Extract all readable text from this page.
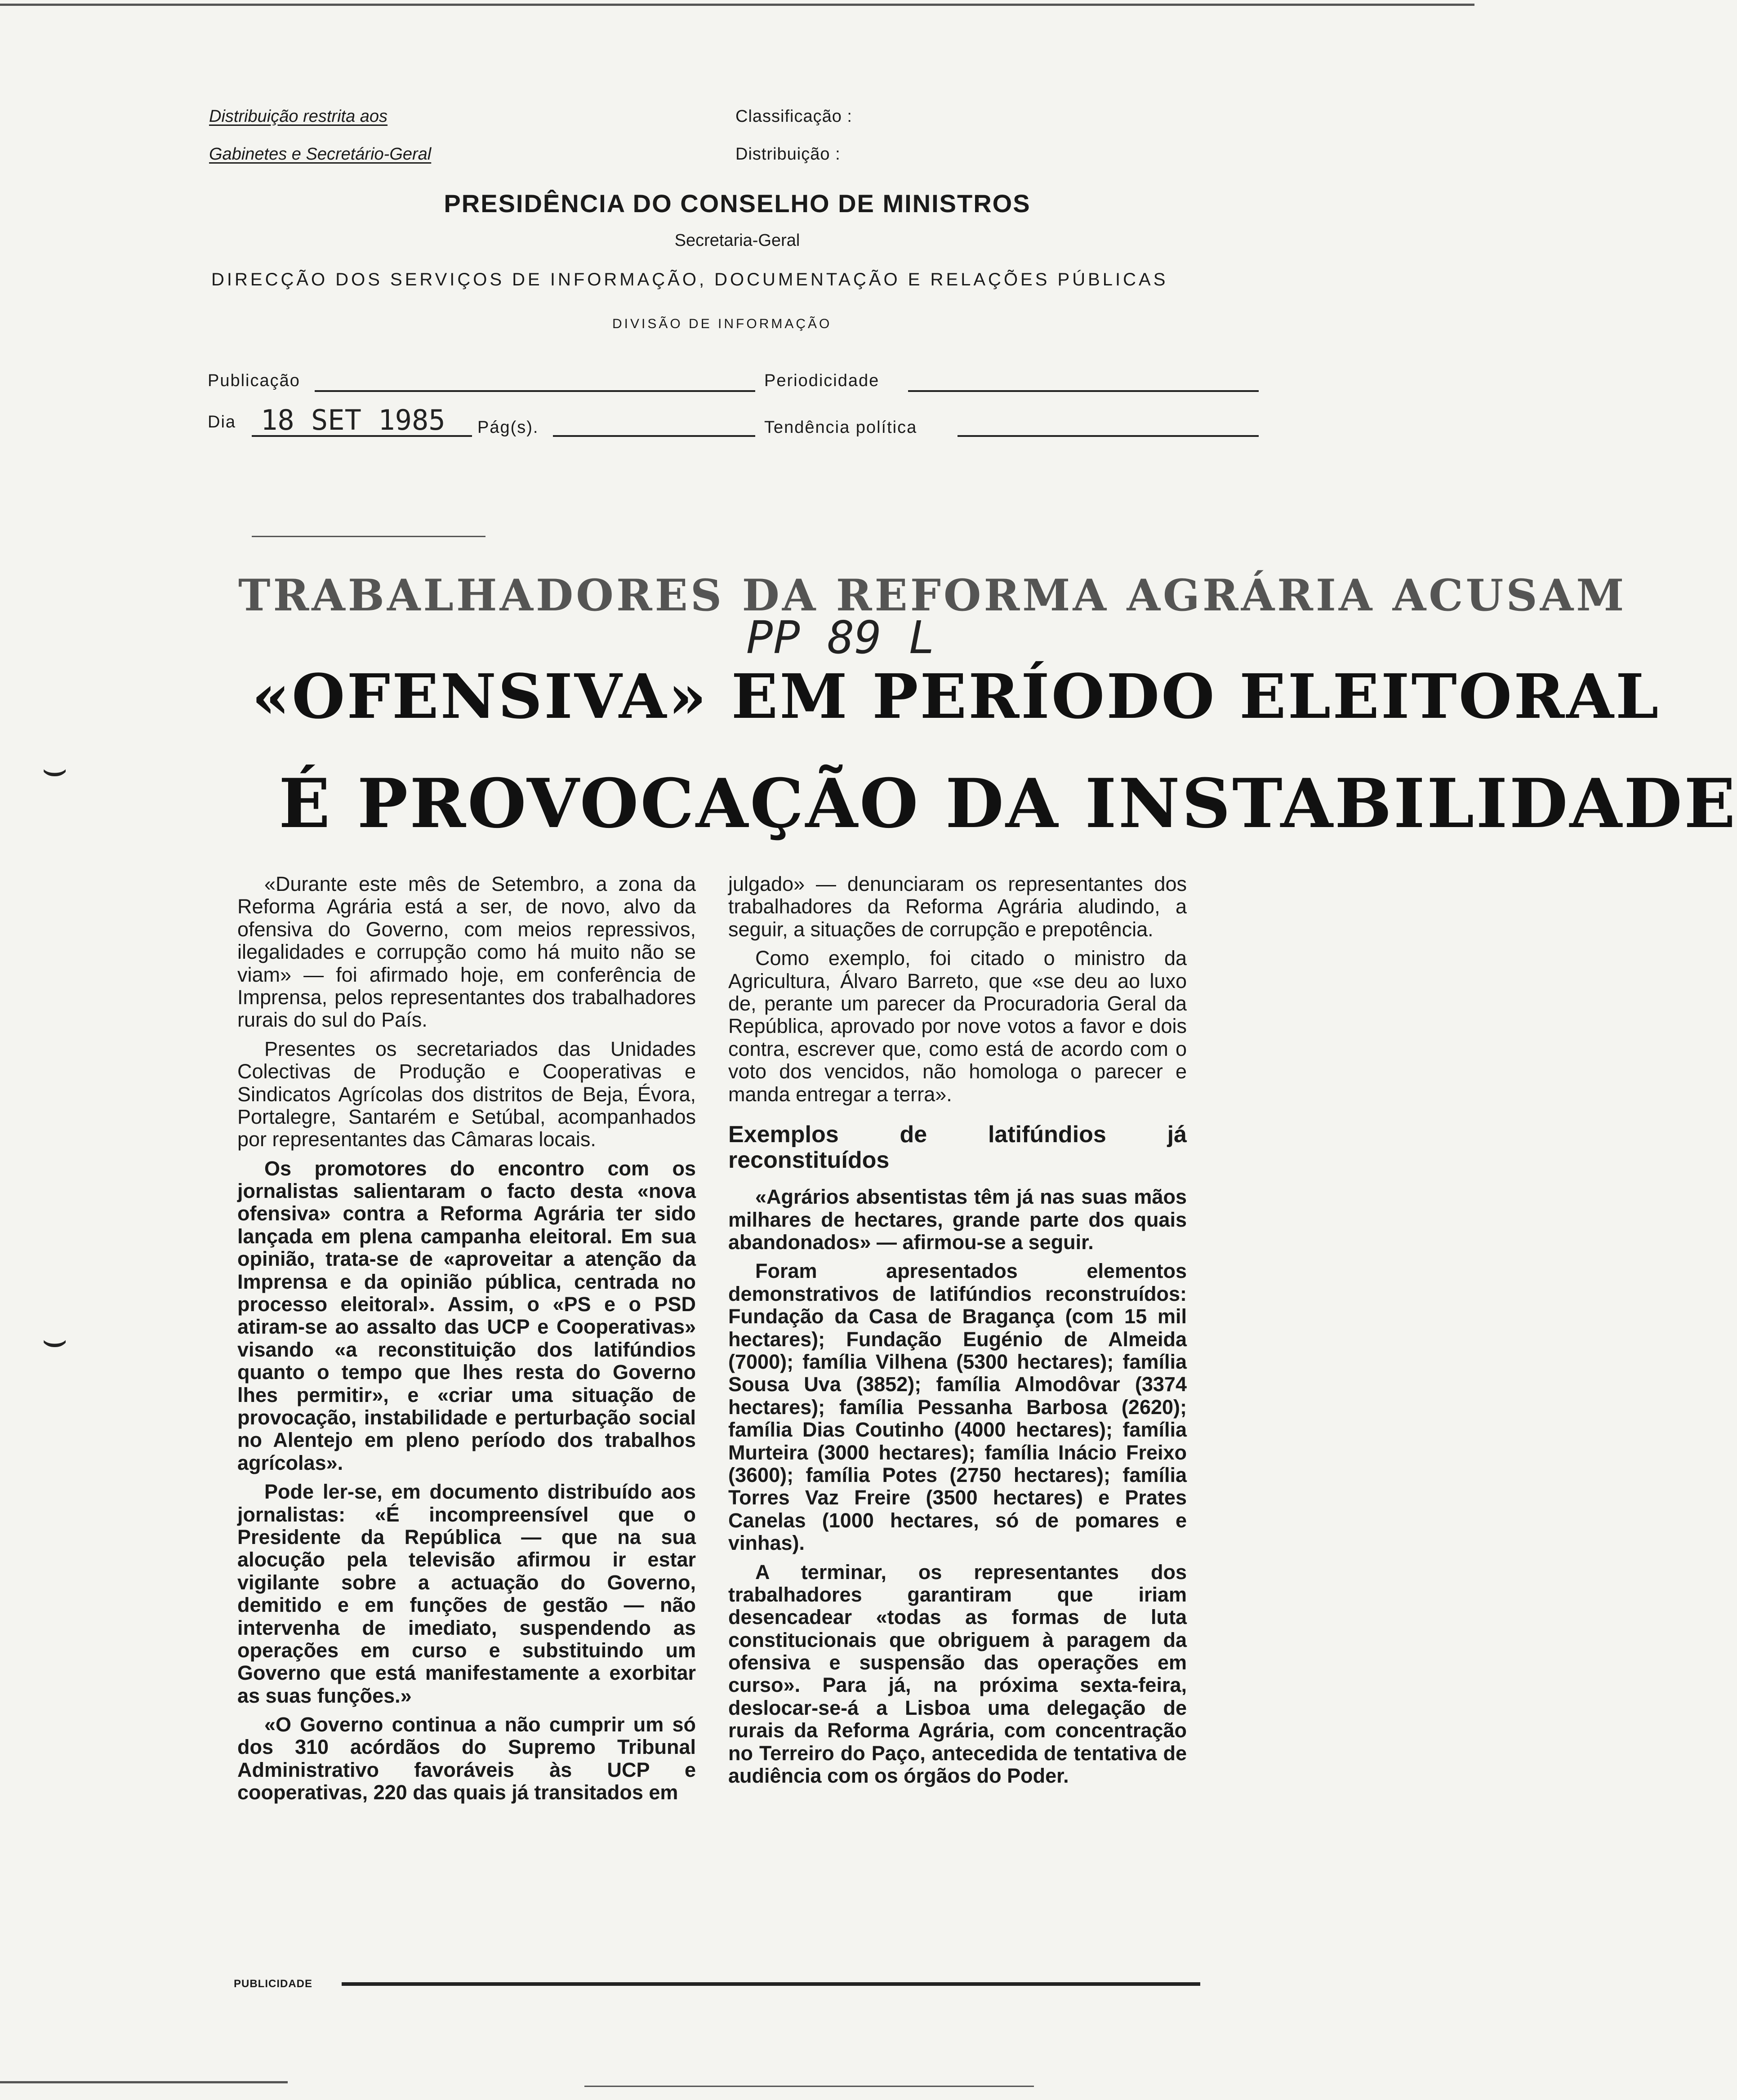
Distribuição restrita aos
Gabinetes e Secretário-Geral
Classificação :
Distribuição :
PRESIDÊNCIA DO CONSELHO DE MINISTROS
Secretaria-Geral
DIRECÇÃO DOS SERVIÇOS DE INFORMAÇÃO, DOCUMENTAÇÃO E RELAÇÕES PÚBLICAS
DIVISÃO DE INFORMAÇÃO
Publicação	Periodicidade
Dia 18 SET 1985 Pág(s).	Tendência política
TRABALHADORES DA REFORMA AGRÁRIA ACUSAM
PP 89 L
«OFENSIVA» EM PERÍODO ELEITORAL
É PROVOCAÇÃO DA INSTABILIDADE
⌣
⌣

«Durante este mês de Setembro, a zona da Reforma Agrária está a ser, de novo, alvo da ofensiva do Governo, com meios repressivos, ilegalidades e corrupção como há muito não se viam» — foi afirmado hoje, em conferência de Imprensa, pelos representantes dos trabalhadores rurais do sul do País.

Presentes os secretariados das Unidades Colectivas de Produção e Cooperativas e Sindicatos Agrícolas dos distritos de Beja, Évora, Portalegre, Santarém e Setúbal, acompanhados por representantes das Câmaras locais.

Os promotores do encontro com os jornalistas salientaram o facto desta «nova ofensiva» contra a Reforma Agrária ter sido lançada em plena campanha eleitoral. Em sua opinião, trata-se de «aproveitar a atenção da Imprensa e da opinião pública, centrada no processo eleitoral». Assim, o «PS e o PSD atiram-se ao assalto das UCP e Cooperativas» visando «a reconstituição dos latifúndios quanto o tempo que lhes resta do Governo lhes permitir», e «criar uma situação de provocação, instabilidade e perturbação social no Alentejo em pleno período dos trabalhos agrícolas».

Pode ler-se, em documento distribuído aos jornalistas: «É incompreensível que o Presidente da República — que na sua alocução pela televisão afirmou ir estar vigilante sobre a actuação do Governo, demitido e em funções de gestão — não intervenha de imediato, suspendendo as operações em curso e substituindo um Governo que está manifestamente a exorbitar as suas funções.»

«O Governo continua a não cumprir um só dos 310 acórdãos do Supremo Tribunal Administrativo favoráveis às UCP e cooperativas, 220 das quais já transitados em

julgado» — denunciaram os representantes dos trabalhadores da Reforma Agrária aludindo, a seguir, a situações de corrupção e prepotência.

Como exemplo, foi citado o ministro da Agricultura, Álvaro Barreto, que «se deu ao luxo de, perante um parecer da Procuradoria Geral da República, aprovado por nove votos a favor e dois contra, escrever que, como está de acordo com o voto dos vencidos, não homologa o parecer e manda entregar a terra».

Exemplos de latifúndios já reconstituídos

«Agrários absentistas têm já nas suas mãos milhares de hectares, grande parte dos quais abandonados» — afirmou-se a seguir.

Foram apresentados elementos demonstrativos de latifúndios reconstruídos: Fundação da Casa de Bragança (com 15 mil hectares); Fundação Eugénio de Almeida (7000); família Vilhena (5300 hectares); família Sousa Uva (3852); família Almodôvar (3374 hectares); família Pessanha Barbosa (2620); família Dias Coutinho (4000 hectares); família Murteira (3000 hectares); família Inácio Freixo (3600); família Potes (2750 hectares); família Torres Vaz Freire (3500 hectares) e Prates Canelas (1000 hectares, só de pomares e vinhas).

A terminar, os representantes dos trabalhadores garantiram que iriam desencadear «todas as formas de luta constitucionais que obriguem à paragem da ofensiva e suspensão das operações em curso». Para já, na próxima sexta-feira, deslocar-se-á a Lisboa uma delegação de rurais da Reforma Agrária, com concentração no Terreiro do Paço, antecedida de tentativa de audiência com os órgãos do Poder.

PUBLICIDADE
